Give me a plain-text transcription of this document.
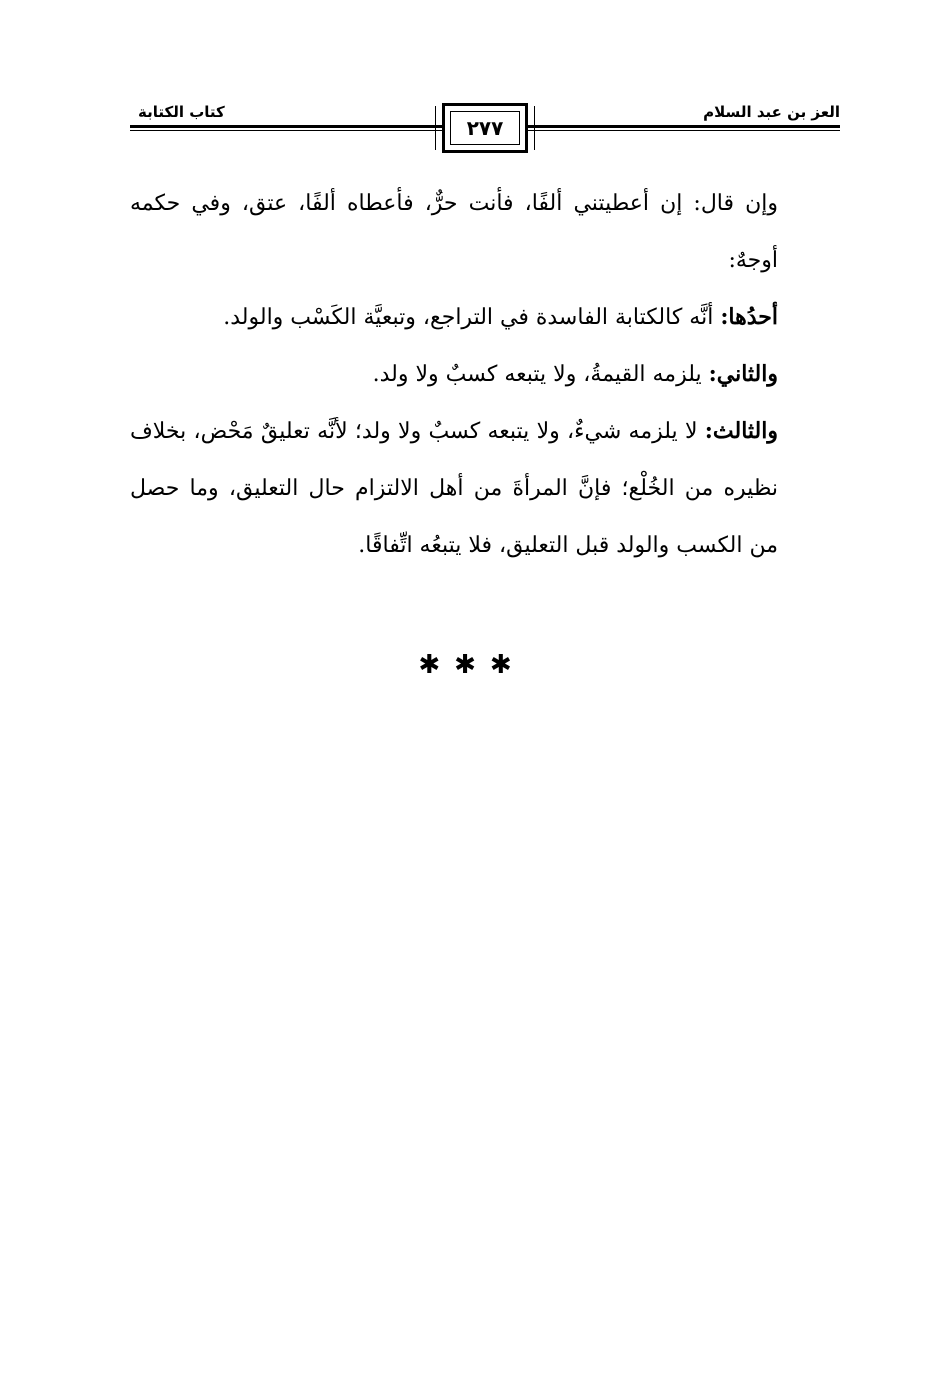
العز بن عبد السلام
كتاب الكتابة
٢٧٧

وإن قال: إن أعطيتني ألفًا، فأنت حرٌّ، فأعطاه ألفًا، عتق، وفي حكمه أوجهٌ:

أحدُها: أنَّه كالكتابة الفاسدة في التراجع، وتبعيَّة الكَسْب والولد.

والثاني: يلزمه القيمةُ، ولا يتبعه كسبٌ ولا ولد.

والثالث: لا يلزمه شيءٌ، ولا يتبعه كسبٌ ولا ولد؛ لأنَّه تعليقٌ مَحْض، بخلاف نظيره من الخُلْع؛ فإنَّ المرأةَ من أهل الالتزام حال التعليق، وما حصل من الكسب والولد قبل التعليق، فلا يتبعُه اتِّفاقًا.

✱✱✱
